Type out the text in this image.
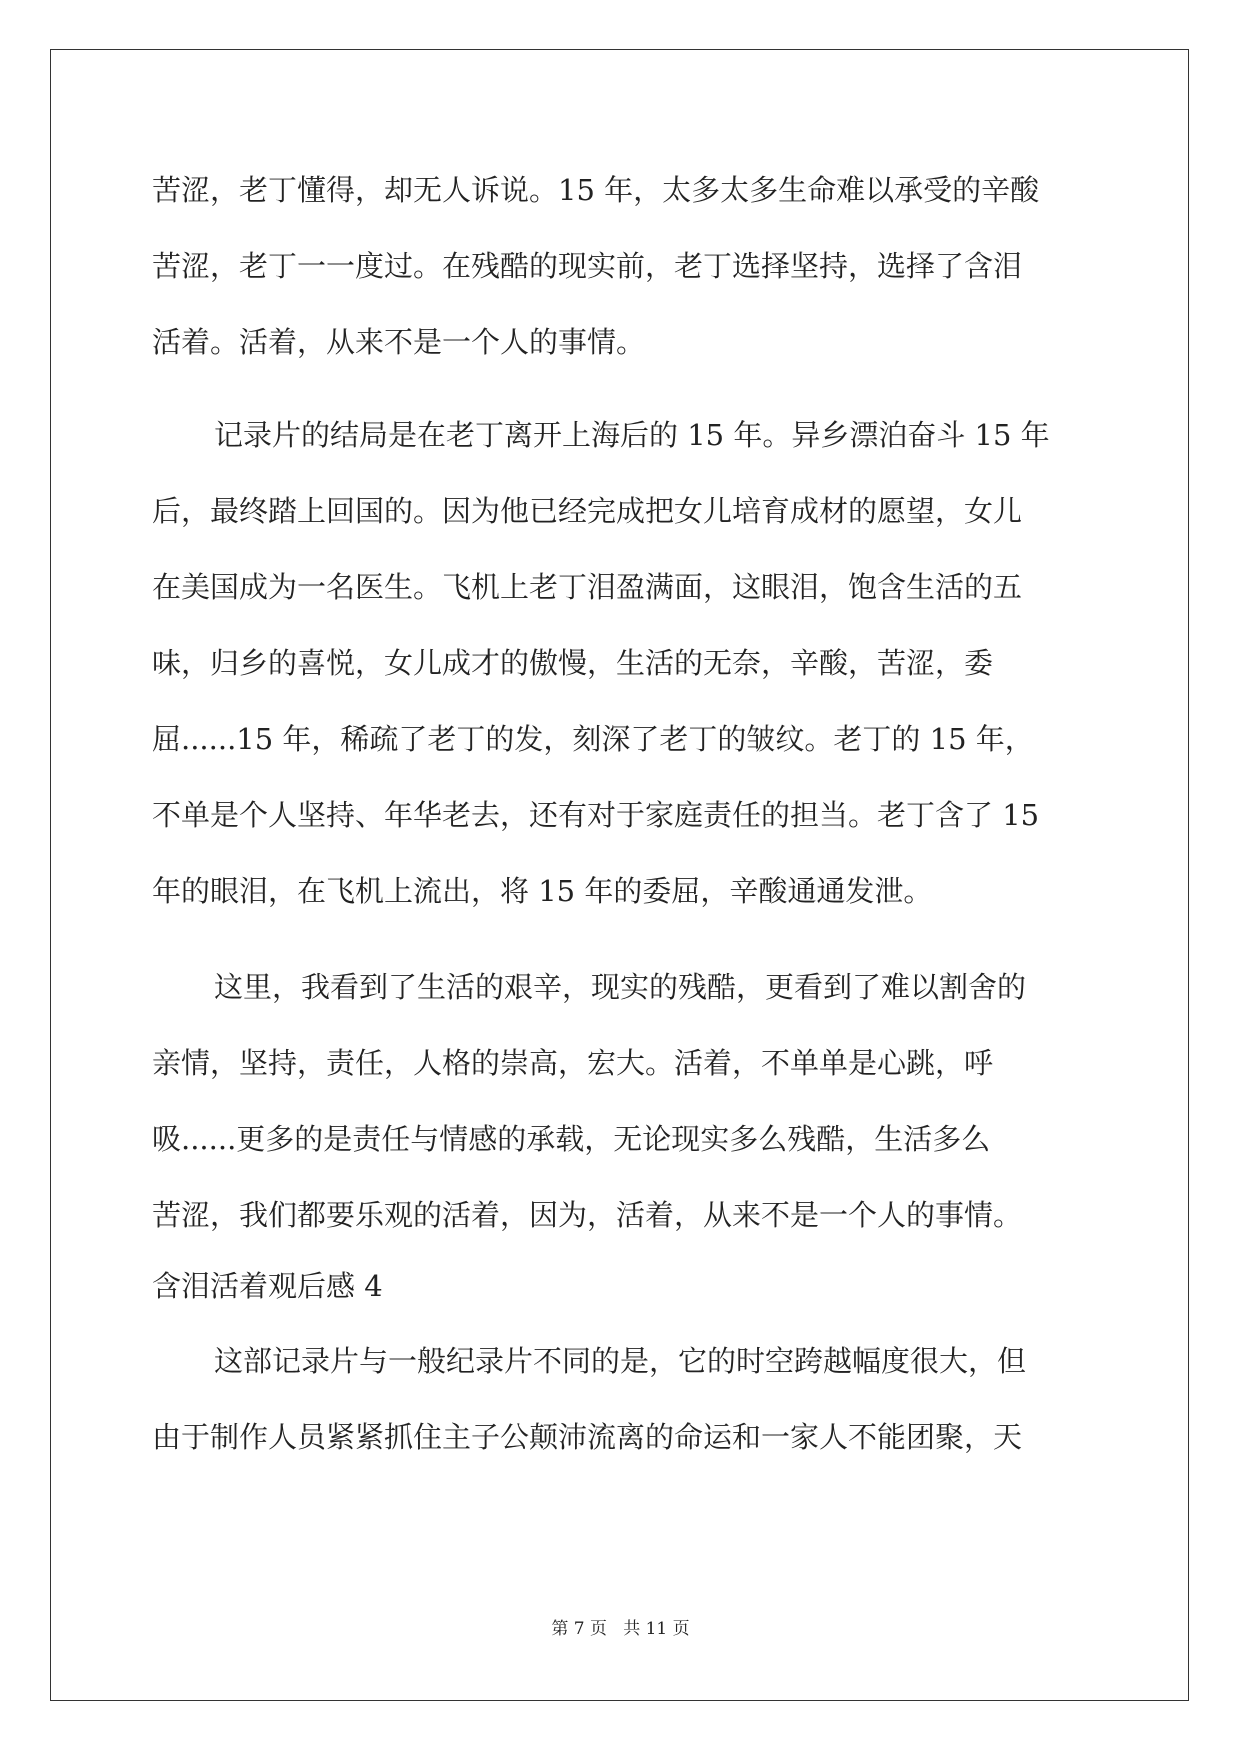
苦涩，老丁懂得，却无人诉说。15 年，太多太多生命难以承受的辛酸

苦涩，老丁一一度过。在残酷的现实前，老丁选择坚持，选择了含泪

活着。活着，从来不是一个人的事情。

记录片的结局是在老丁离开上海后的 15 年。异乡漂泊奋斗 15 年

后，最终踏上回国的。因为他已经完成把女儿培育成材的愿望，女儿

在美国成为一名医生。飞机上老丁泪盈满面，这眼泪，饱含生活的五

味，归乡的喜悦，女儿成才的傲慢，生活的无奈，辛酸，苦涩，委

屈......15 年，稀疏了老丁的发，刻深了老丁的皱纹。老丁的 15 年，

不单是个人坚持、年华老去，还有对于家庭责任的担当。老丁含了 15

年的眼泪，在飞机上流出，将 15 年的委屈，辛酸通通发泄。

这里，我看到了生活的艰辛，现实的残酷，更看到了难以割舍的

亲情，坚持，责任，人格的崇高，宏大。活着，不单单是心跳，呼

吸......更多的是责任与情感的承载，无论现实多么残酷，生活多么

苦涩，我们都要乐观的活着，因为，活着，从来不是一个人的事情。

含泪活着观后感 4

这部记录片与一般纪录片不同的是，它的时空跨越幅度很大，但

由于制作人员紧紧抓住主子公颠沛流离的命运和一家人不能团聚，天

第 7 页   共 11 页
